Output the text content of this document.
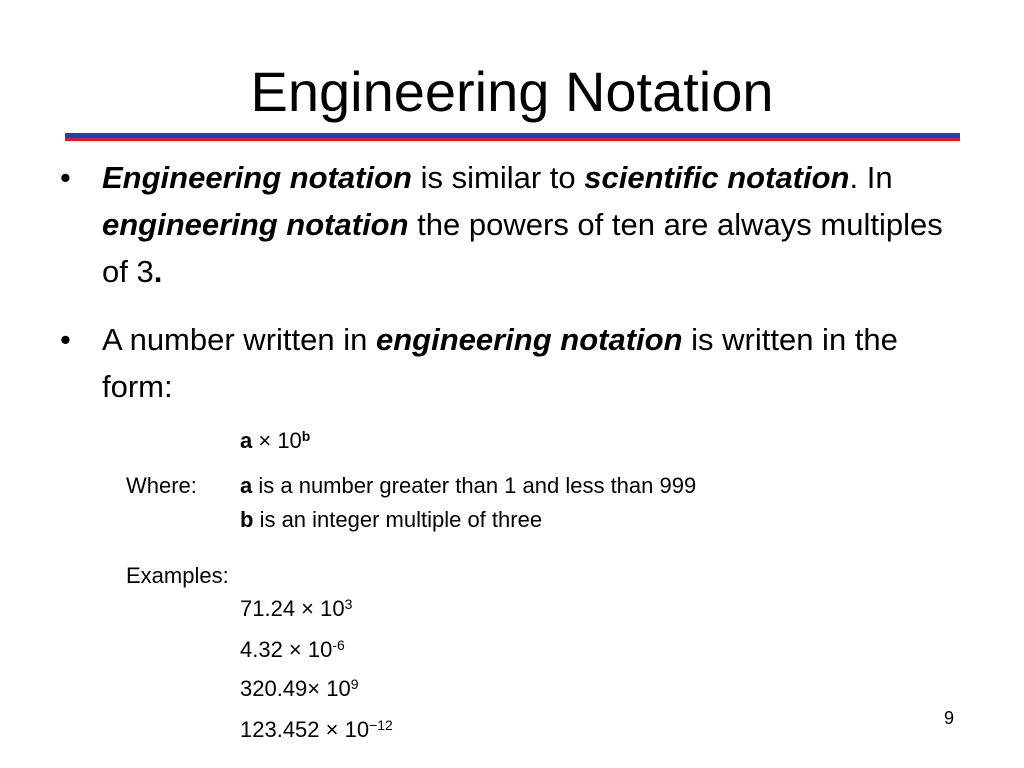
Engineering Notation
• Engineering notation is similar to scientific notation. In engineering notation the powers of ten are always multiples of 3.
• A number written in engineering notation is written in the form:
$a \times 10^b$
Where: a is a number greater than 1 and less than 999
b is an integer multiple of three
Examples:
$71.24 \times 10^3$
$4.32 \times 10^{-6}$
$320.49\times 10^9$
$123.452 \times 10^{-12}$	9
